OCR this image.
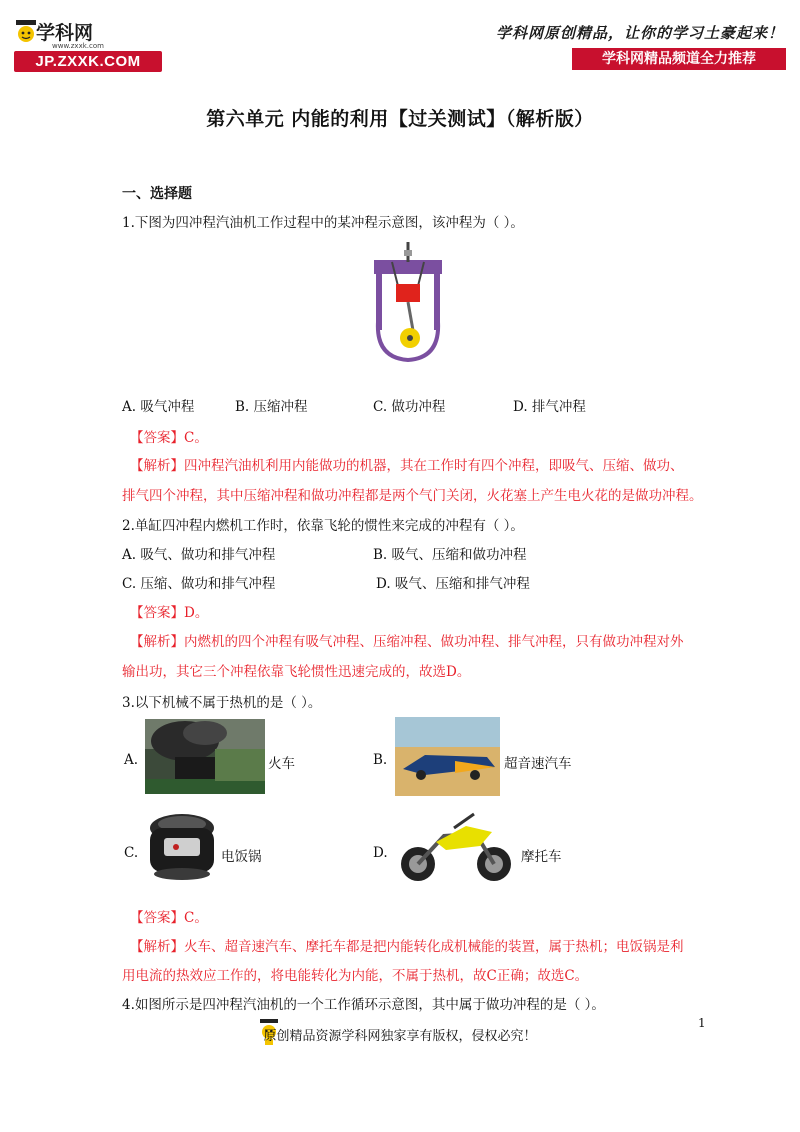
学科网
www.zxxk.com
JP.ZXXK.COM
学科网原创精品，让你的学习土豪起来！
学科网精品频道全力推荐
第六单元 内能的利用【过关测试】（解析版）
一、选择题
1.下图为四冲程汽油机工作过程中的某冲程示意图，该冲程为（ ）。
A. 吸气冲程	B. 压缩冲程	C. 做功冲程	D. 排气冲程
【答案】C。
【解析】四冲程汽油机利用内能做功的机器，其在工作时有四个冲程，即吸气、压缩、做功、
排气四个冲程，其中压缩冲程和做功冲程都是两个气门关闭，火花塞上产生电火花的是做功冲程。
2.单缸四冲程内燃机工作时，依靠飞轮的惯性来完成的冲程有（ ）。
A. 吸气、做功和排气冲程	B. 吸气、压缩和做功冲程
C. 压缩、做功和排气冲程	D. 吸气、压缩和排气冲程
【答案】D。
【解析】内燃机的四个冲程有吸气冲程、压缩冲程、做功冲程、排气冲程，只有做功冲程对外
输出功，其它三个冲程依靠飞轮惯性迅速完成的，故选D。
3.以下机械不属于热机的是（ ）。
A.	火车	B.	超音速汽车
C.	电饭锅	D.	摩托车
【答案】C。
【解析】火车、超音速汽车、摩托车都是把内能转化成机械能的装置，属于热机；电饭锅是利
用电流的热效应工作的，将电能转化为内能，不属于热机，故C正确；故选C。
4.如图所示是四冲程汽油机的一个工作循环示意图，其中属于做功冲程的是（ ）。
1
原创精品资源学科网独家享有版权，侵权必究！
